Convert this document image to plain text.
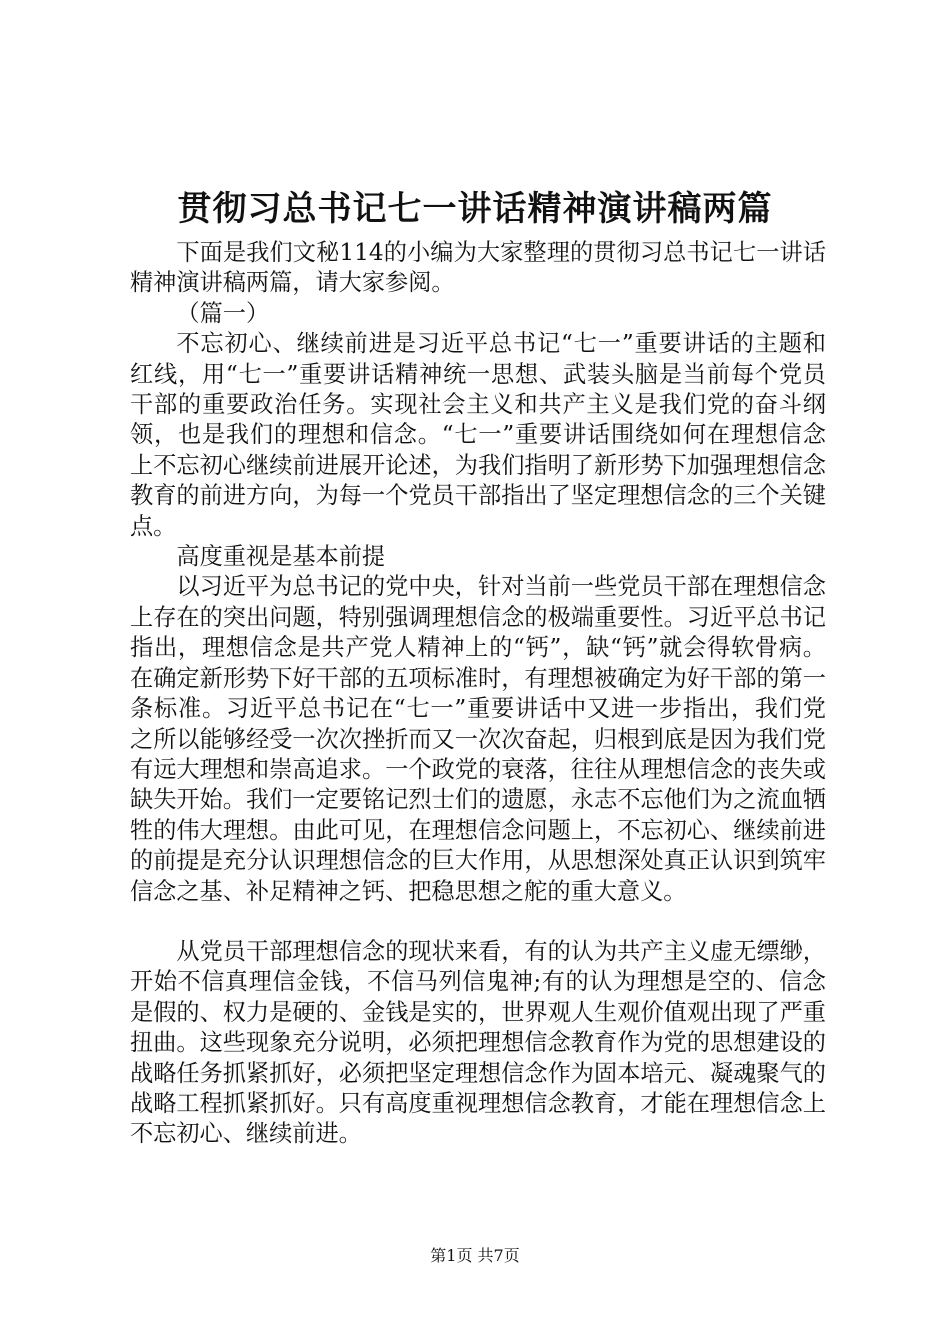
贯彻习总书记七一讲话精神演讲稿两篇

下面是我们文秘114的小编为大家整理的贯彻习总书记七一讲话精神演讲稿两篇，请大家参阅。

（篇一）

不忘初心、继续前进是习近平总书记“七一”重要讲话的主题和红线，用“七一”重要讲话精神统一思想、武装头脑是当前每个党员干部的重要政治任务。实现社会主义和共产主义是我们党的奋斗纲领，也是我们的理想和信念。“七一”重要讲话围绕如何在理想信念上不忘初心继续前进展开论述，为我们指明了新形势下加强理想信念教育的前进方向，为每一个党员干部指出了坚定理想信念的三个关键点。

高度重视是基本前提

以习近平为总书记的党中央，针对当前一些党员干部在理想信念上存在的突出问题，特别强调理想信念的极端重要性。习近平总书记指出，理想信念是共产党人精神上的“钙”，缺“钙”就会得软骨病。在确定新形势下好干部的五项标准时，有理想被确定为好干部的第一条标准。习近平总书记在“七一”重要讲话中又进一步指出，我们党之所以能够经受一次次挫折而又一次次奋起，归根到底是因为我们党有远大理想和崇高追求。一个政党的衰落，往往从理想信念的丧失或缺失开始。我们一定要铭记烈士们的遗愿，永志不忘他们为之流血牺牲的伟大理想。由此可见，在理想信念问题上，不忘初心、继续前进的前提是充分认识理想信念的巨大作用，从思想深处真正认识到筑牢信念之基、补足精神之钙、把稳思想之舵的重大意义。

从党员干部理想信念的现状来看，有的认为共产主义虚无缥缈，开始不信真理信金钱，不信马列信鬼神;有的认为理想是空的、信念是假的、权力是硬的、金钱是实的，世界观人生观价值观出现了严重扭曲。这些现象充分说明，必须把理想信念教育作为党的思想建设的战略任务抓紧抓好，必须把坚定理想信念作为固本培元、凝魂聚气的战略工程抓紧抓好。只有高度重视理想信念教育，才能在理想信念上不忘初心、继续前进。

第1页 共7页
